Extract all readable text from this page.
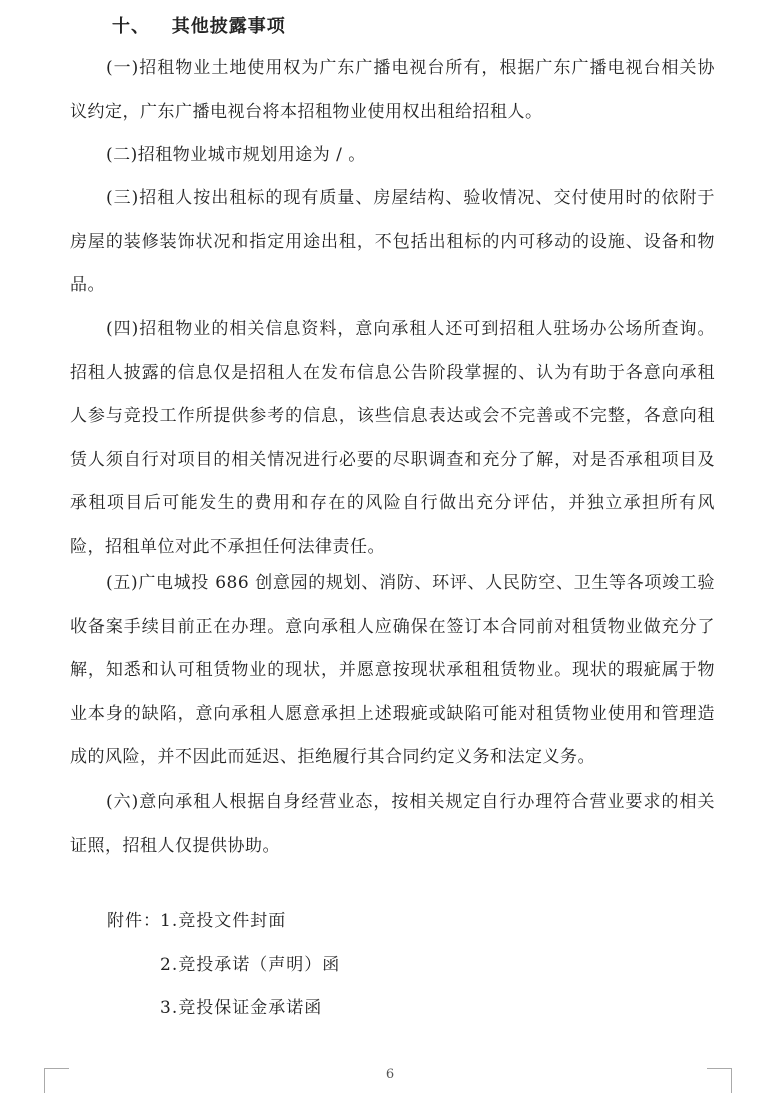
十、   其他披露事项
(一)招租物业土地使用权为广东广播电视台所有，根据广东广播电视台相关协议约定，广东广播电视台将本招租物业使用权出租给招租人。
(二)招租物业城市规划用途为 / 。
(三)招租人按出租标的现有质量、房屋结构、验收情况、交付使用时的依附于房屋的装修装饰状况和指定用途出租，不包括出租标的内可移动的设施、设备和物品。
(四)招租物业的相关信息资料，意向承租人还可到招租人驻场办公场所查询。招租人披露的信息仅是招租人在发布信息公告阶段掌握的、认为有助于各意向承租人参与竞投工作所提供参考的信息，该些信息表达或会不完善或不完整，各意向租赁人须自行对项目的相关情况进行必要的尽职调查和充分了解，对是否承租项目及承租项目后可能发生的费用和存在的风险自行做出充分评估，并独立承担所有风险，招租单位对此不承担任何法律责任。
(五)广电城投 686 创意园的规划、消防、环评、人民防空、卫生等各项竣工验收备案手续目前正在办理。意向承租人应确保在签订本合同前对租赁物业做充分了解，知悉和认可租赁物业的现状，并愿意按现状承租租赁物业。现状的瑕疵属于物业本身的缺陷，意向承租人愿意承担上述瑕疵或缺陷可能对租赁物业使用和管理造成的风险，并不因此而延迟、拒绝履行其合同约定义务和法定义务。
(六)意向承租人根据自身经营业态，按相关规定自行办理符合营业要求的相关证照，招租人仅提供协助。
附件： 1.竞投文件封面
2.竞投承诺（声明）函
3.竞投保证金承诺函
6
